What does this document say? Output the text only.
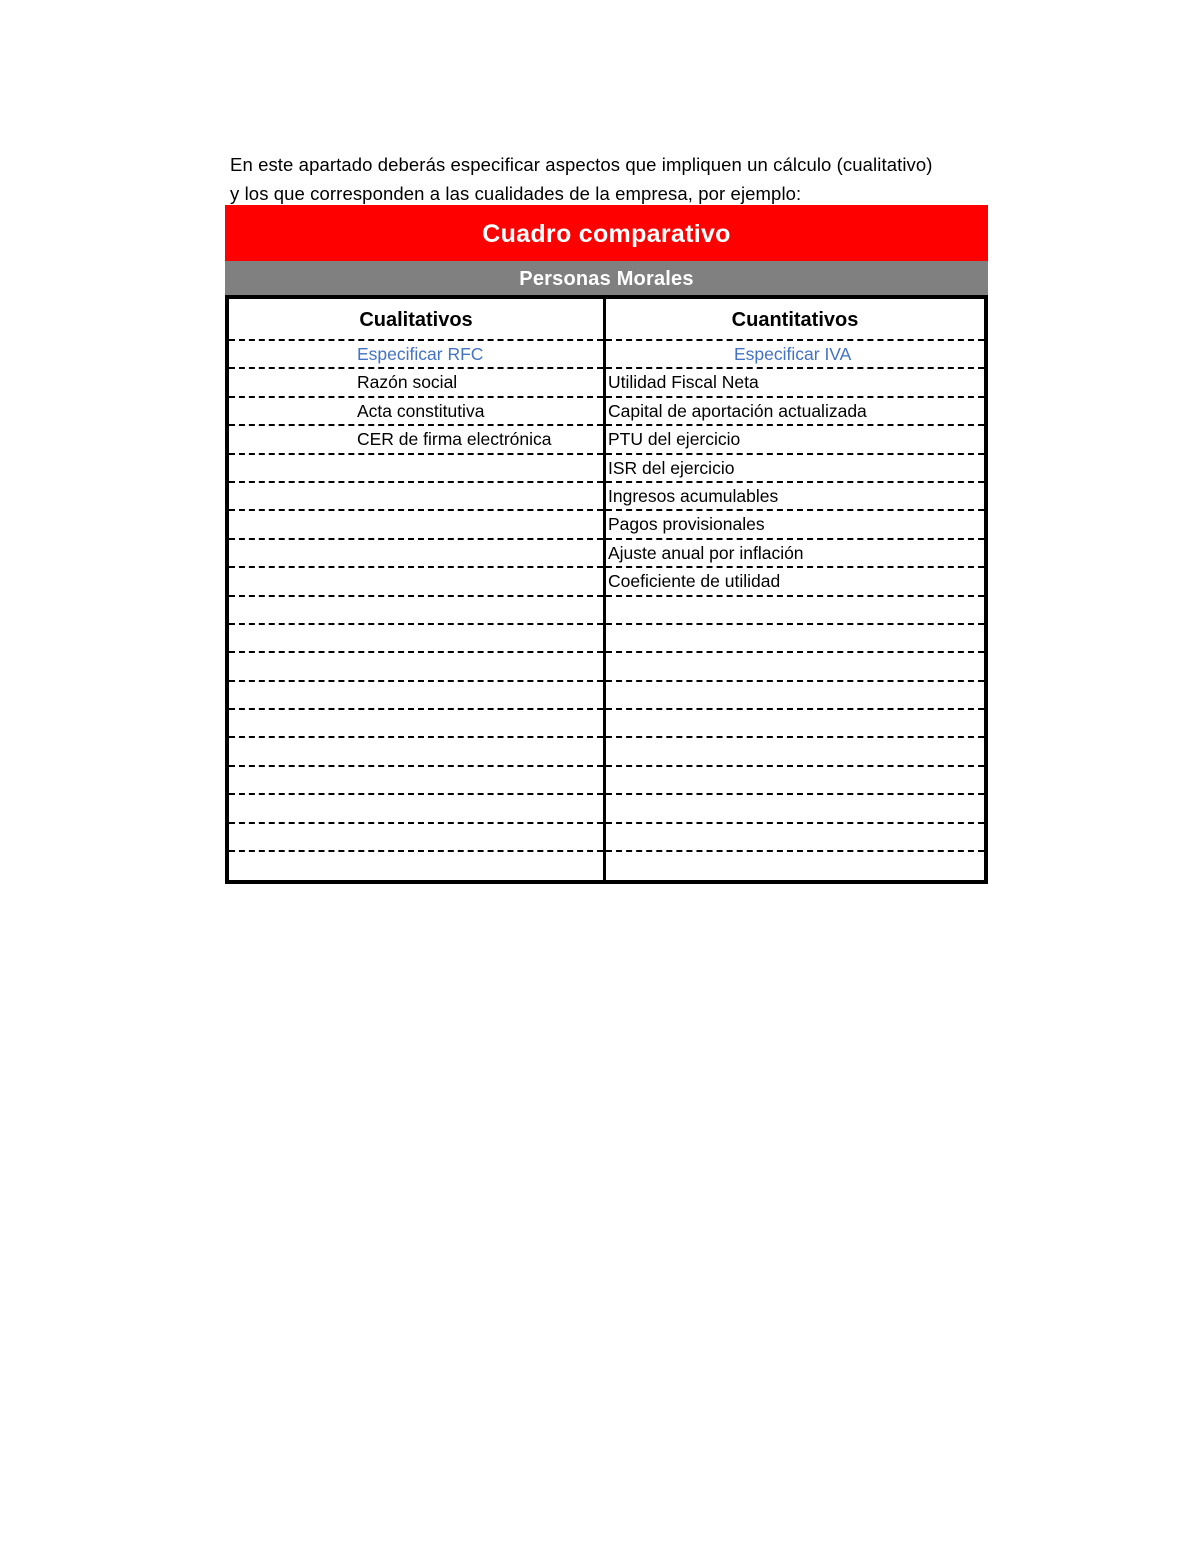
En este apartado deberás especificar aspectos que impliquen un cálculo (cualitativo)
y los que corresponden a las cualidades de la empresa, por ejemplo:
Cuadro comparativo
Personas Morales
Cualitativos
Especificar RFC
Razón social
Acta constitutiva
CER de firma electrónica
Cuantitativos
Especificar IVA
Utilidad Fiscal Neta
Capital de aportación actualizada
PTU del ejercicio
ISR del ejercicio
Ingresos acumulables
Pagos provisionales
Ajuste anual por inflación
Coeficiente de utilidad
